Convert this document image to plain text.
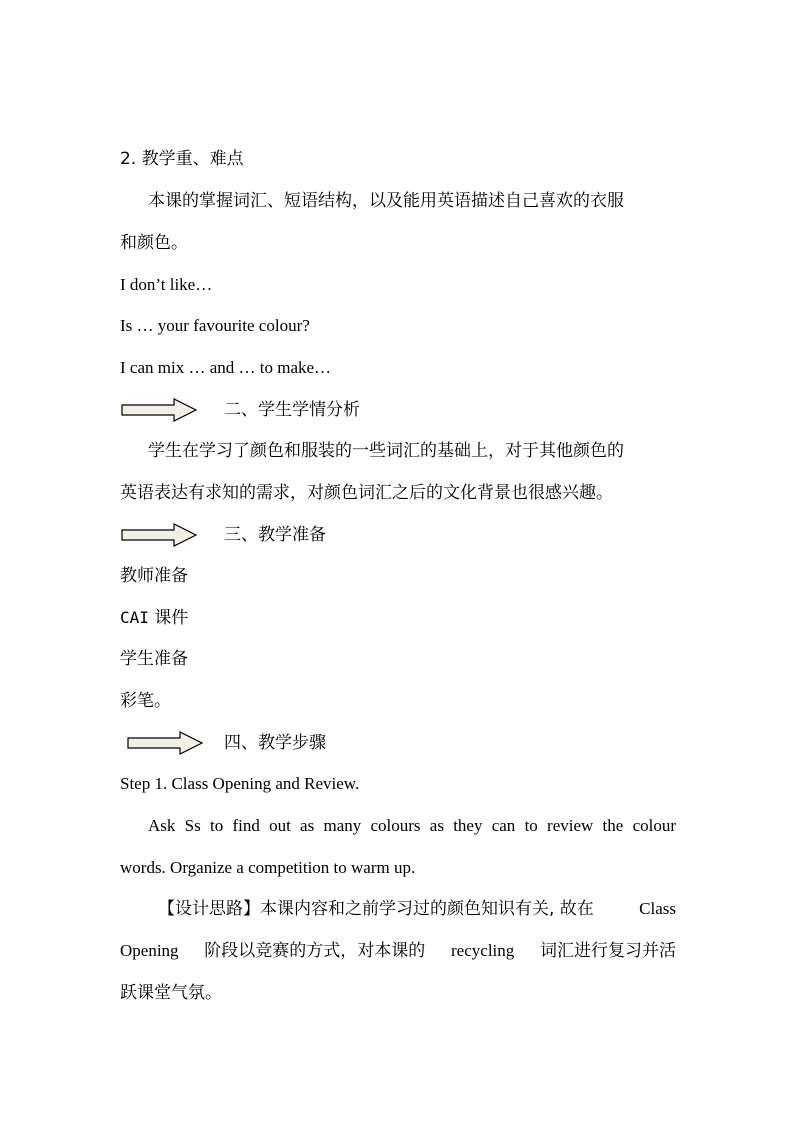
2. 教学重、难点
本课的掌握词汇、短语结构，以及能用英语描述自己喜欢的衣服
和颜色。
I don’t like…
Is … your favourite colour?
I can mix … and … to make…
二、学生学情分析
学生在学习了颜色和服装的一些词汇的基础上，对于其他颜色的
英语表达有求知的需求，对颜色词汇之后的文化背景也很感兴趣。
三、教学准备
教师准备
CAI 课件
学生准备
彩笔。
四、教学步骤
Step 1. Class Opening and Review.
Ask Ss to find out as many colours as they can to review the colour
words. Organize a competition to warm up.
【设计思路】本课内容和之前学习过的颜色知识有关, 故在	Class
Opening 阶段以竞赛的方式，对本课的 recycling 词汇进行复习并活
跃课堂气氛。
